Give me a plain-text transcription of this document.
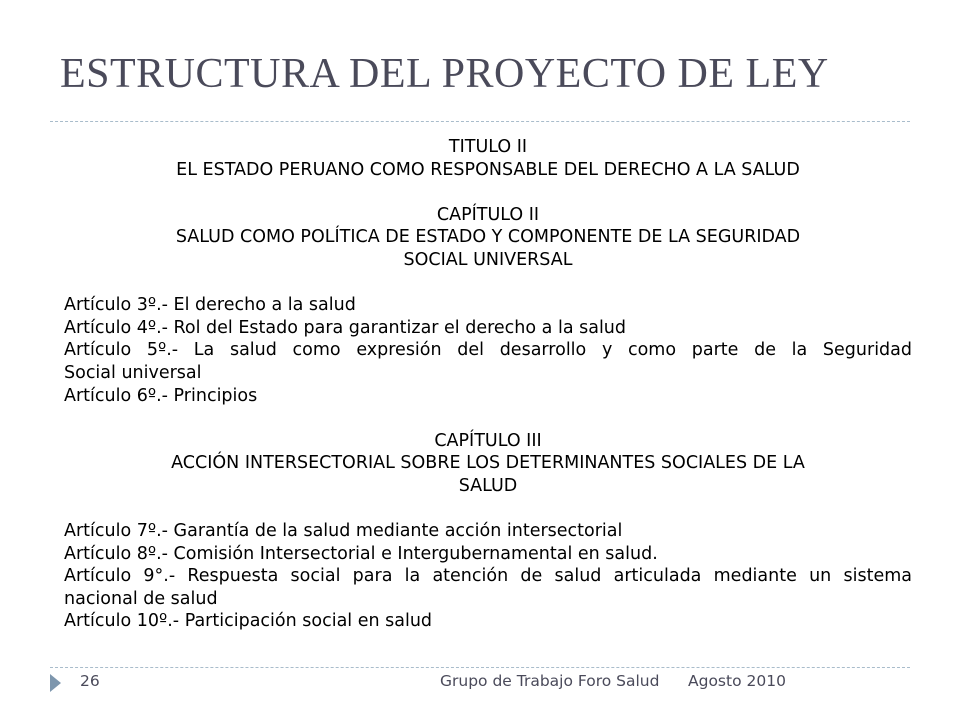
ESTRUCTURA DEL PROYECTO DE LEY
TITULO II
EL ESTADO PERUANO COMO RESPONSABLE DEL DERECHO A LA SALUD
CAPÍTULO II
SALUD COMO POLÍTICA DE ESTADO Y COMPONENTE DE LA SEGURIDAD
SOCIAL UNIVERSAL
Artículo 3º.- El derecho a la salud
Artículo 4º.- Rol del Estado para garantizar el derecho a la salud
Artículo 5º.- La salud como expresión del desarrollo y como parte de la Seguridad
Social universal
Artículo 6º.- Principios
CAPÍTULO III
ACCIÓN INTERSECTORIAL SOBRE LOS DETERMINANTES SOCIALES DE LA
SALUD
Artículo 7º.- Garantía de la salud mediante acción intersectorial
Artículo 8º.- Comisión Intersectorial e Intergubernamental en salud.
Artículo 9°.- Respuesta social para la atención de salud articulada mediante un sistema
nacional de salud
Artículo 10º.- Participación social en salud
26	Grupo de Trabajo Foro Salud Agosto 2010
